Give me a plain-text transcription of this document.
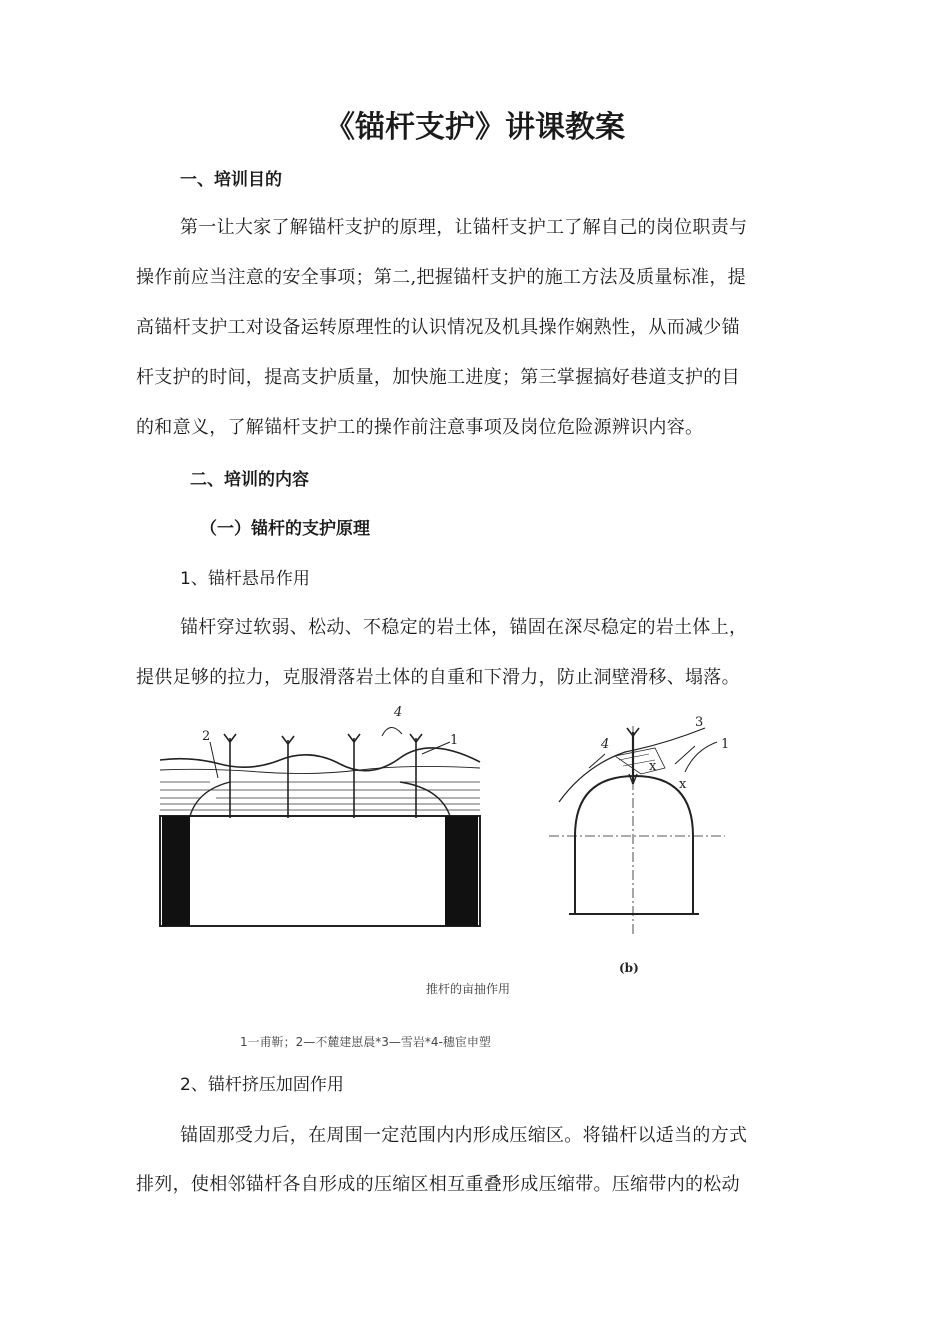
《锚杆支护》讲课教案

一、培训目的

第一让大家了解锚杆支护的原理，让锚杆支护工了解自己的岗位职责与

操作前应当注意的安全事项；第二,把握锚杆支护的施工方法及质量标准，提

高锚杆支护工对设备运转原理性的认识情况及机具操作娴熟性，从而减少锚

杆支护的时间，提高支护质量，加快施工进度；第三掌握搞好巷道支护的目

的和意义，了解锚杆支护工的操作前注意事项及岗位危险源辨识内容。

二、培训的内容

（一）锚杆的支护原理

1、锚杆悬吊作用

锚杆穿过软弱、松动、不稳定的岩土体，锚固在深尽稳定的岩土体上，

提供足够的拉力，克服滑落岩土体的自重和下滑力，防止洞壁滑移、塌落。

2
4
1
3
4	1
x
x
(b)

推杆的亩抽作用

1一甫靳；2—不麓建崽晨*3—雪岩*4-穗宦申塑

2、锚杆挤压加固作用

锚固那受力后，在周围一定范围内内形成压缩区。将锚杆以适当的方式

排列，使相邻锚杆各自形成的压缩区相互重叠形成压缩带。压缩带内的松动
